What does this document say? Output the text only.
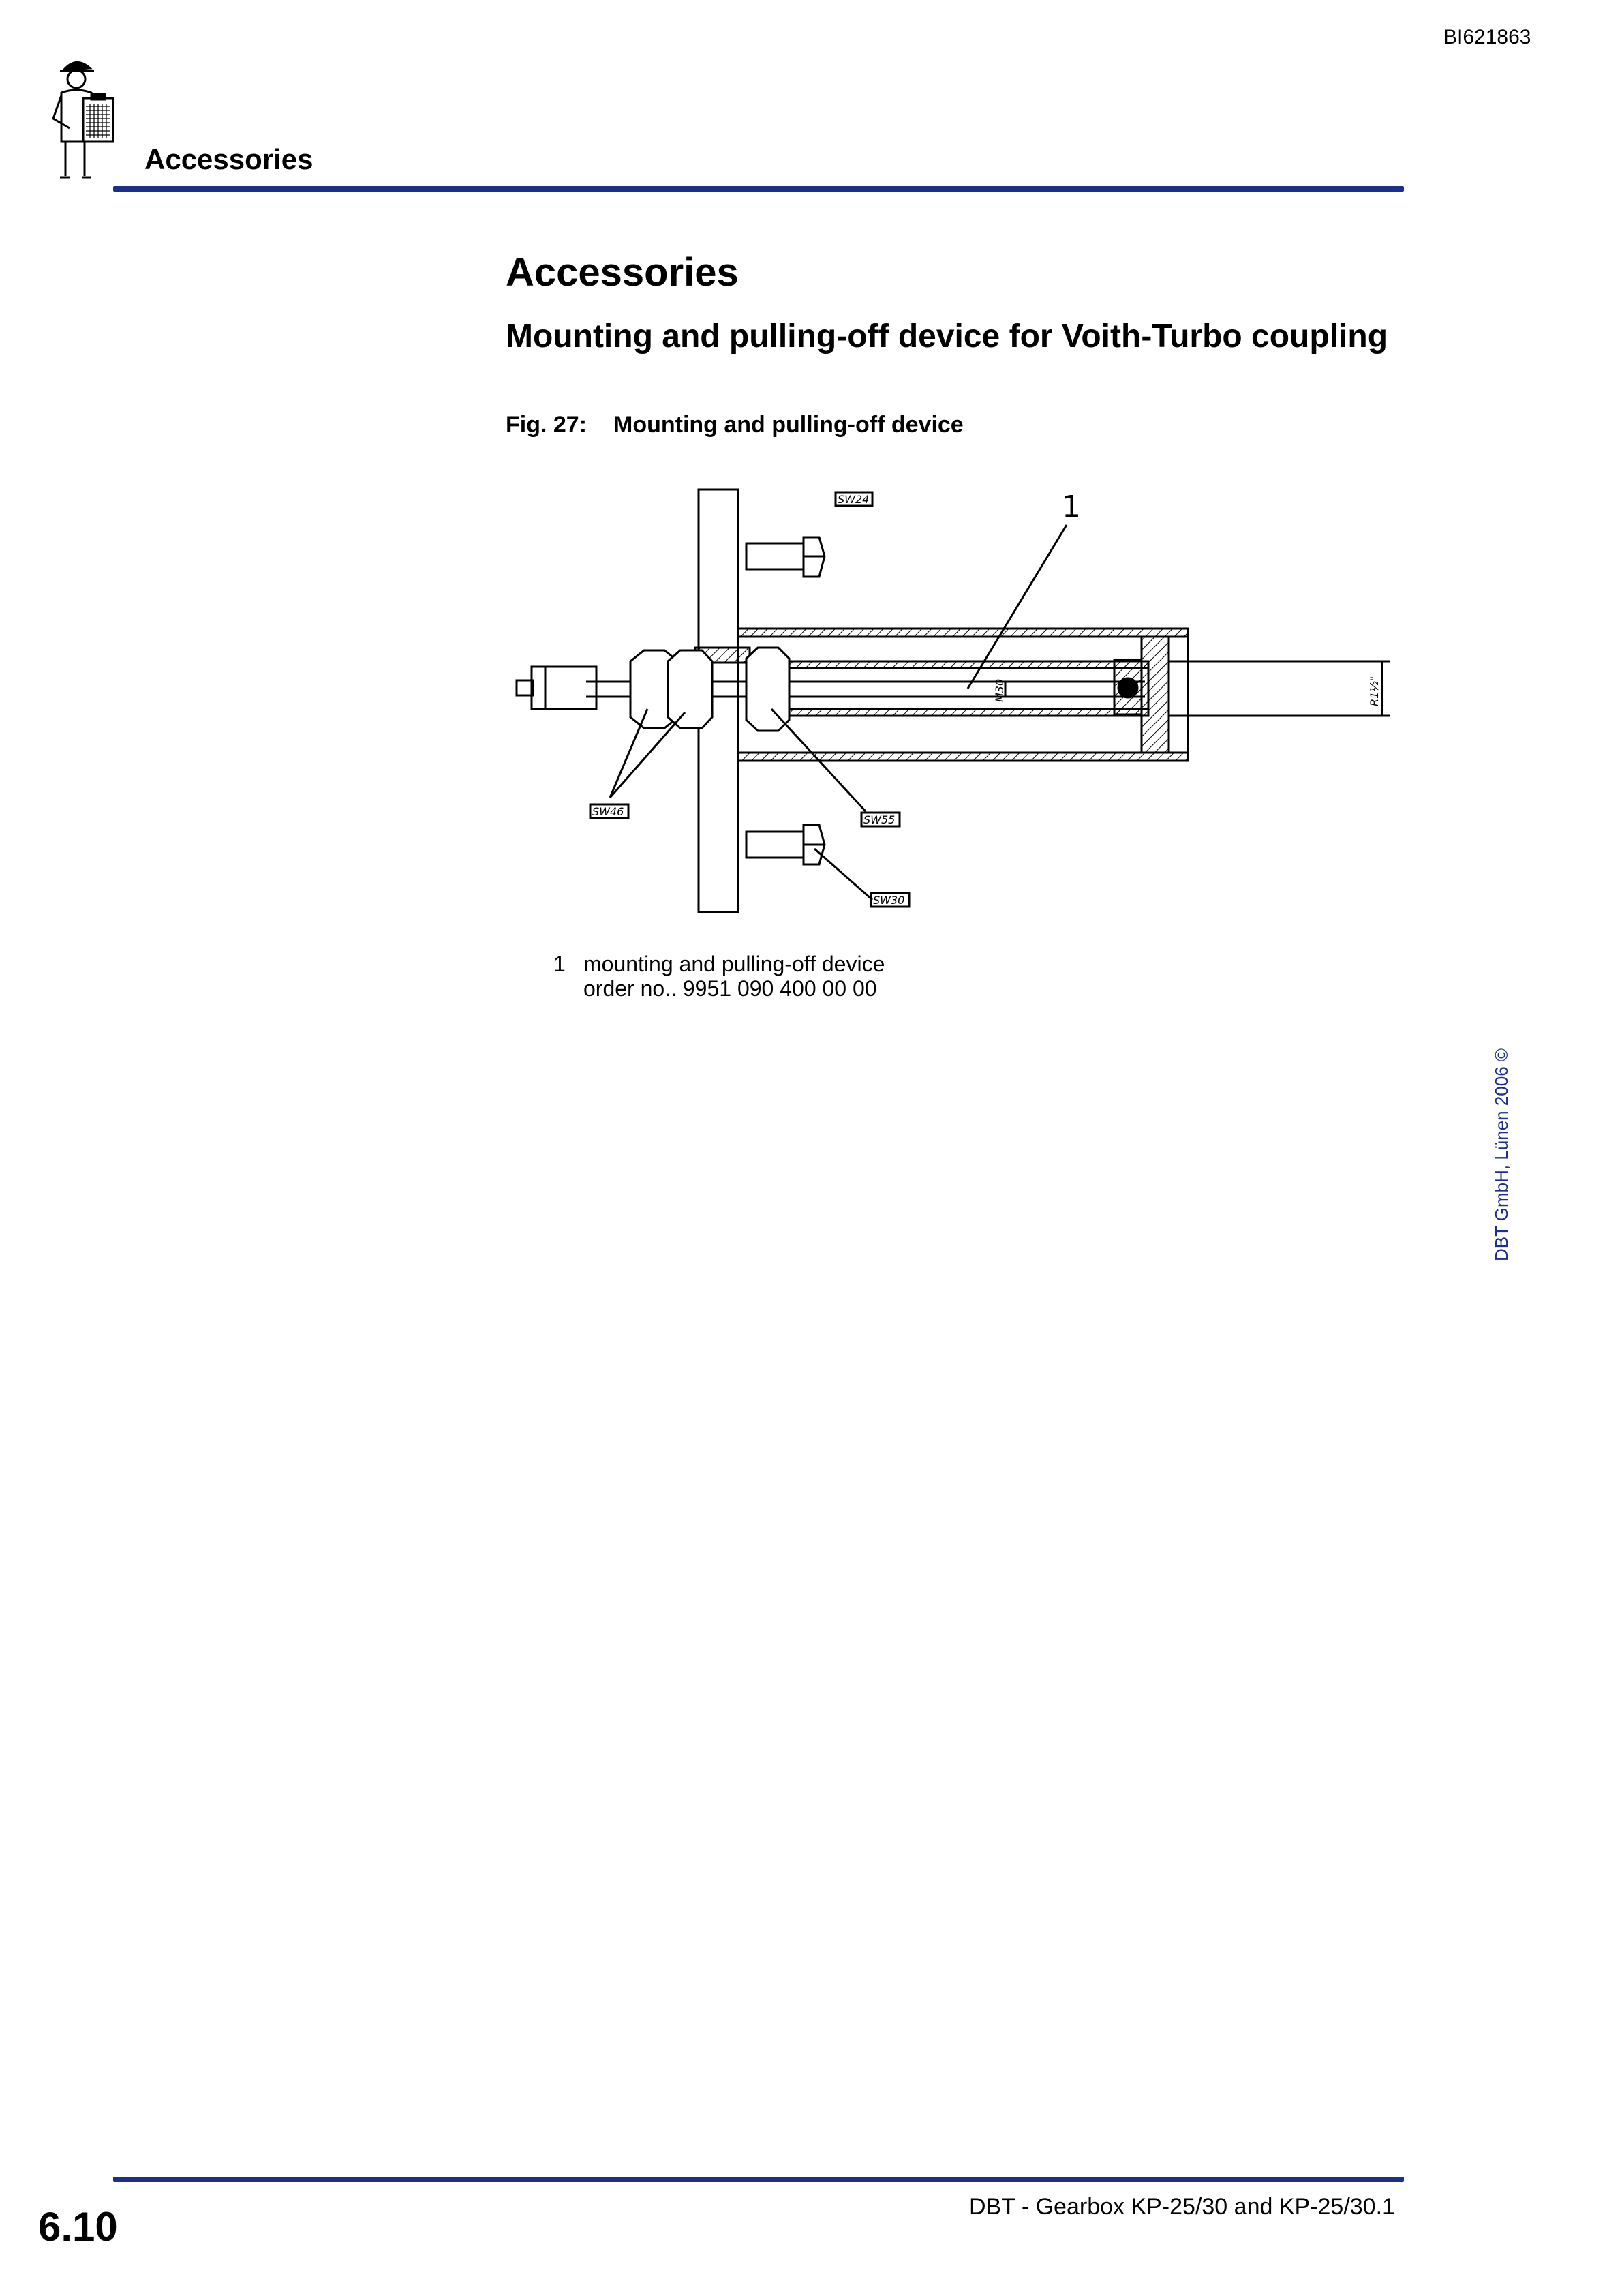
BI621863
Accessories
Accessories
Mounting and pulling-off device for Voith-Turbo coupling
Fig. 27: Mounting and pulling-off device
SW24
SW46
SW55
SW30
1
M30	R1½"
1 mounting and pulling-off device
order no.. 9951 090 400 00 00
DBT GmbH, Lünen 2006 ©
6.10	DBT - Gearbox KP-25/30 and KP-25/30.1
